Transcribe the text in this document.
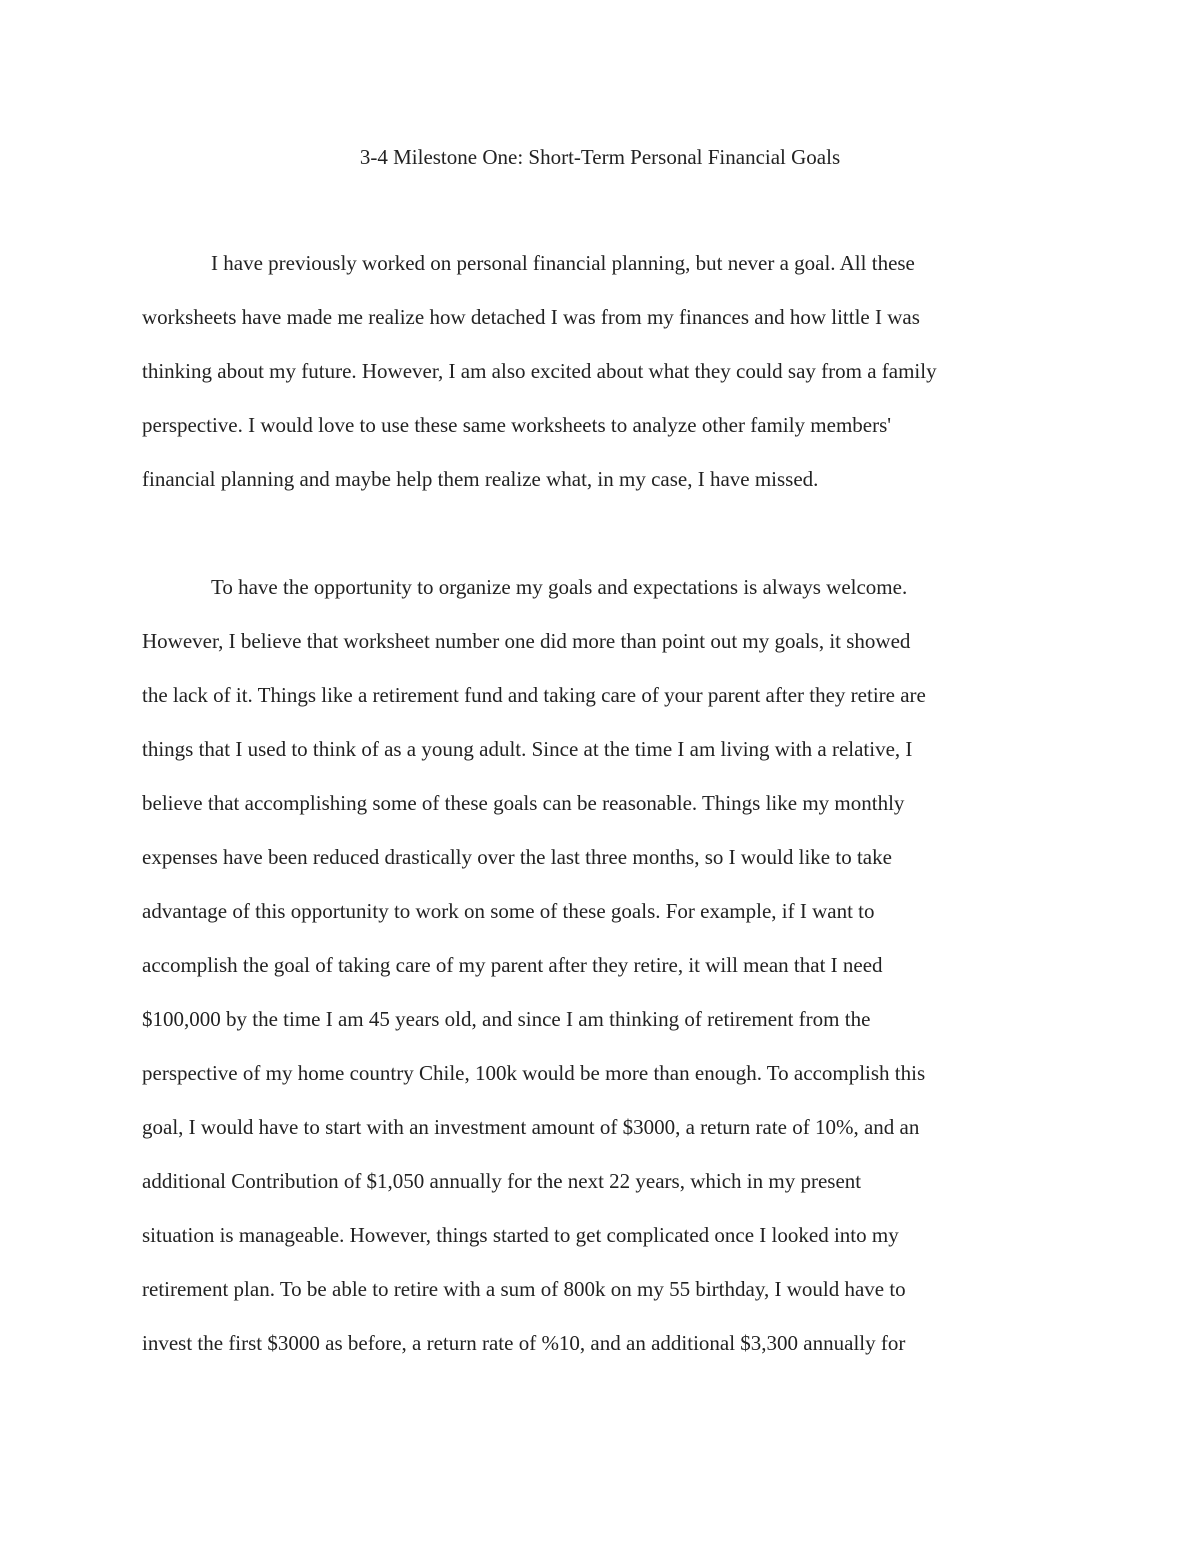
3-4 Milestone One: Short-Term Personal Financial Goals
I have previously worked on personal financial planning, but never a goal. All these
worksheets have made me realize how detached I was from my finances and how little I was
thinking about my future. However, I am also excited about what they could say from a family
perspective. I would love to use these same worksheets to analyze other family members'
financial planning and maybe help them realize what, in my case, I have missed.
To have the opportunity to organize my goals and expectations is always welcome.
However, I believe that worksheet number one did more than point out my goals, it showed
the lack of it. Things like a retirement fund and taking care of your parent after they retire are
things that I used to think of as a young adult. Since at the time I am living with a relative, I
believe that accomplishing some of these goals can be reasonable. Things like my monthly
expenses have been reduced drastically over the last three months, so I would like to take
advantage of this opportunity to work on some of these goals. For example, if I want to
accomplish the goal of taking care of my parent after they retire, it will mean that I need
$100,000 by the time I am 45 years old, and since I am thinking of retirement from the
perspective of my home country Chile, 100k would be more than enough. To accomplish this
goal, I would have to start with an investment amount of $3000, a return rate of 10%, and an
additional Contribution of $1,050 annually for the next 22 years, which in my present
situation is manageable. However, things started to get complicated once I looked into my
retirement plan. To be able to retire with a sum of 800k on my 55 birthday, I would have to
invest the first $3000 as before, a return rate of %10, and an additional $3,300 annually for
